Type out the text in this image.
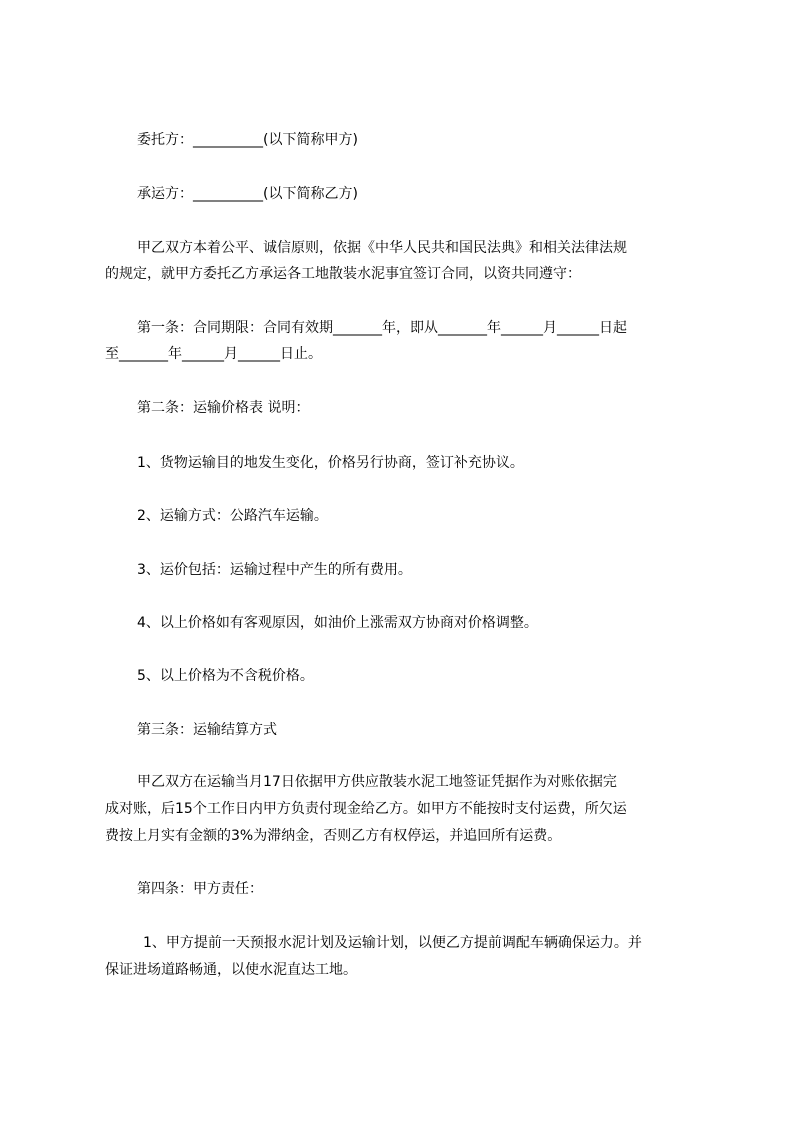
委托方：__________(以下简称甲方)
承运方：__________(以下简称乙方)
甲乙双方本着公平、诚信原则，依据《中华人民共和国民法典》和相关法律法规
的规定，就甲方委托乙方承运各工地散装水泥事宜签订合同，以资共同遵守：
第一条：合同期限：合同有效期_______年，即从_______年______月______日起
至_______年______月______日止。
第二条：运输价格表 说明：
1、货物运输目的地发生变化，价格另行协商，签订补充协议。
2、运输方式：公路汽车运输。
3、运价包括：运输过程中产生的所有费用。
4、以上价格如有客观原因，如油价上涨需双方协商对价格调整。
5、以上价格为不含税价格。
第三条：运输结算方式
甲乙双方在运输当月17日依据甲方供应散装水泥工地签证凭据作为对账依据完
成对账，后15个工作日内甲方负责付现金给乙方。如甲方不能按时支付运费，所欠运
费按上月实有金额的3%为滞纳金，否则乙方有权停运，并追回所有运费。
第四条：甲方责任：
1、甲方提前一天预报水泥计划及运输计划，以便乙方提前调配车辆确保运力。并
保证进场道路畅通，以使水泥直达工地。
